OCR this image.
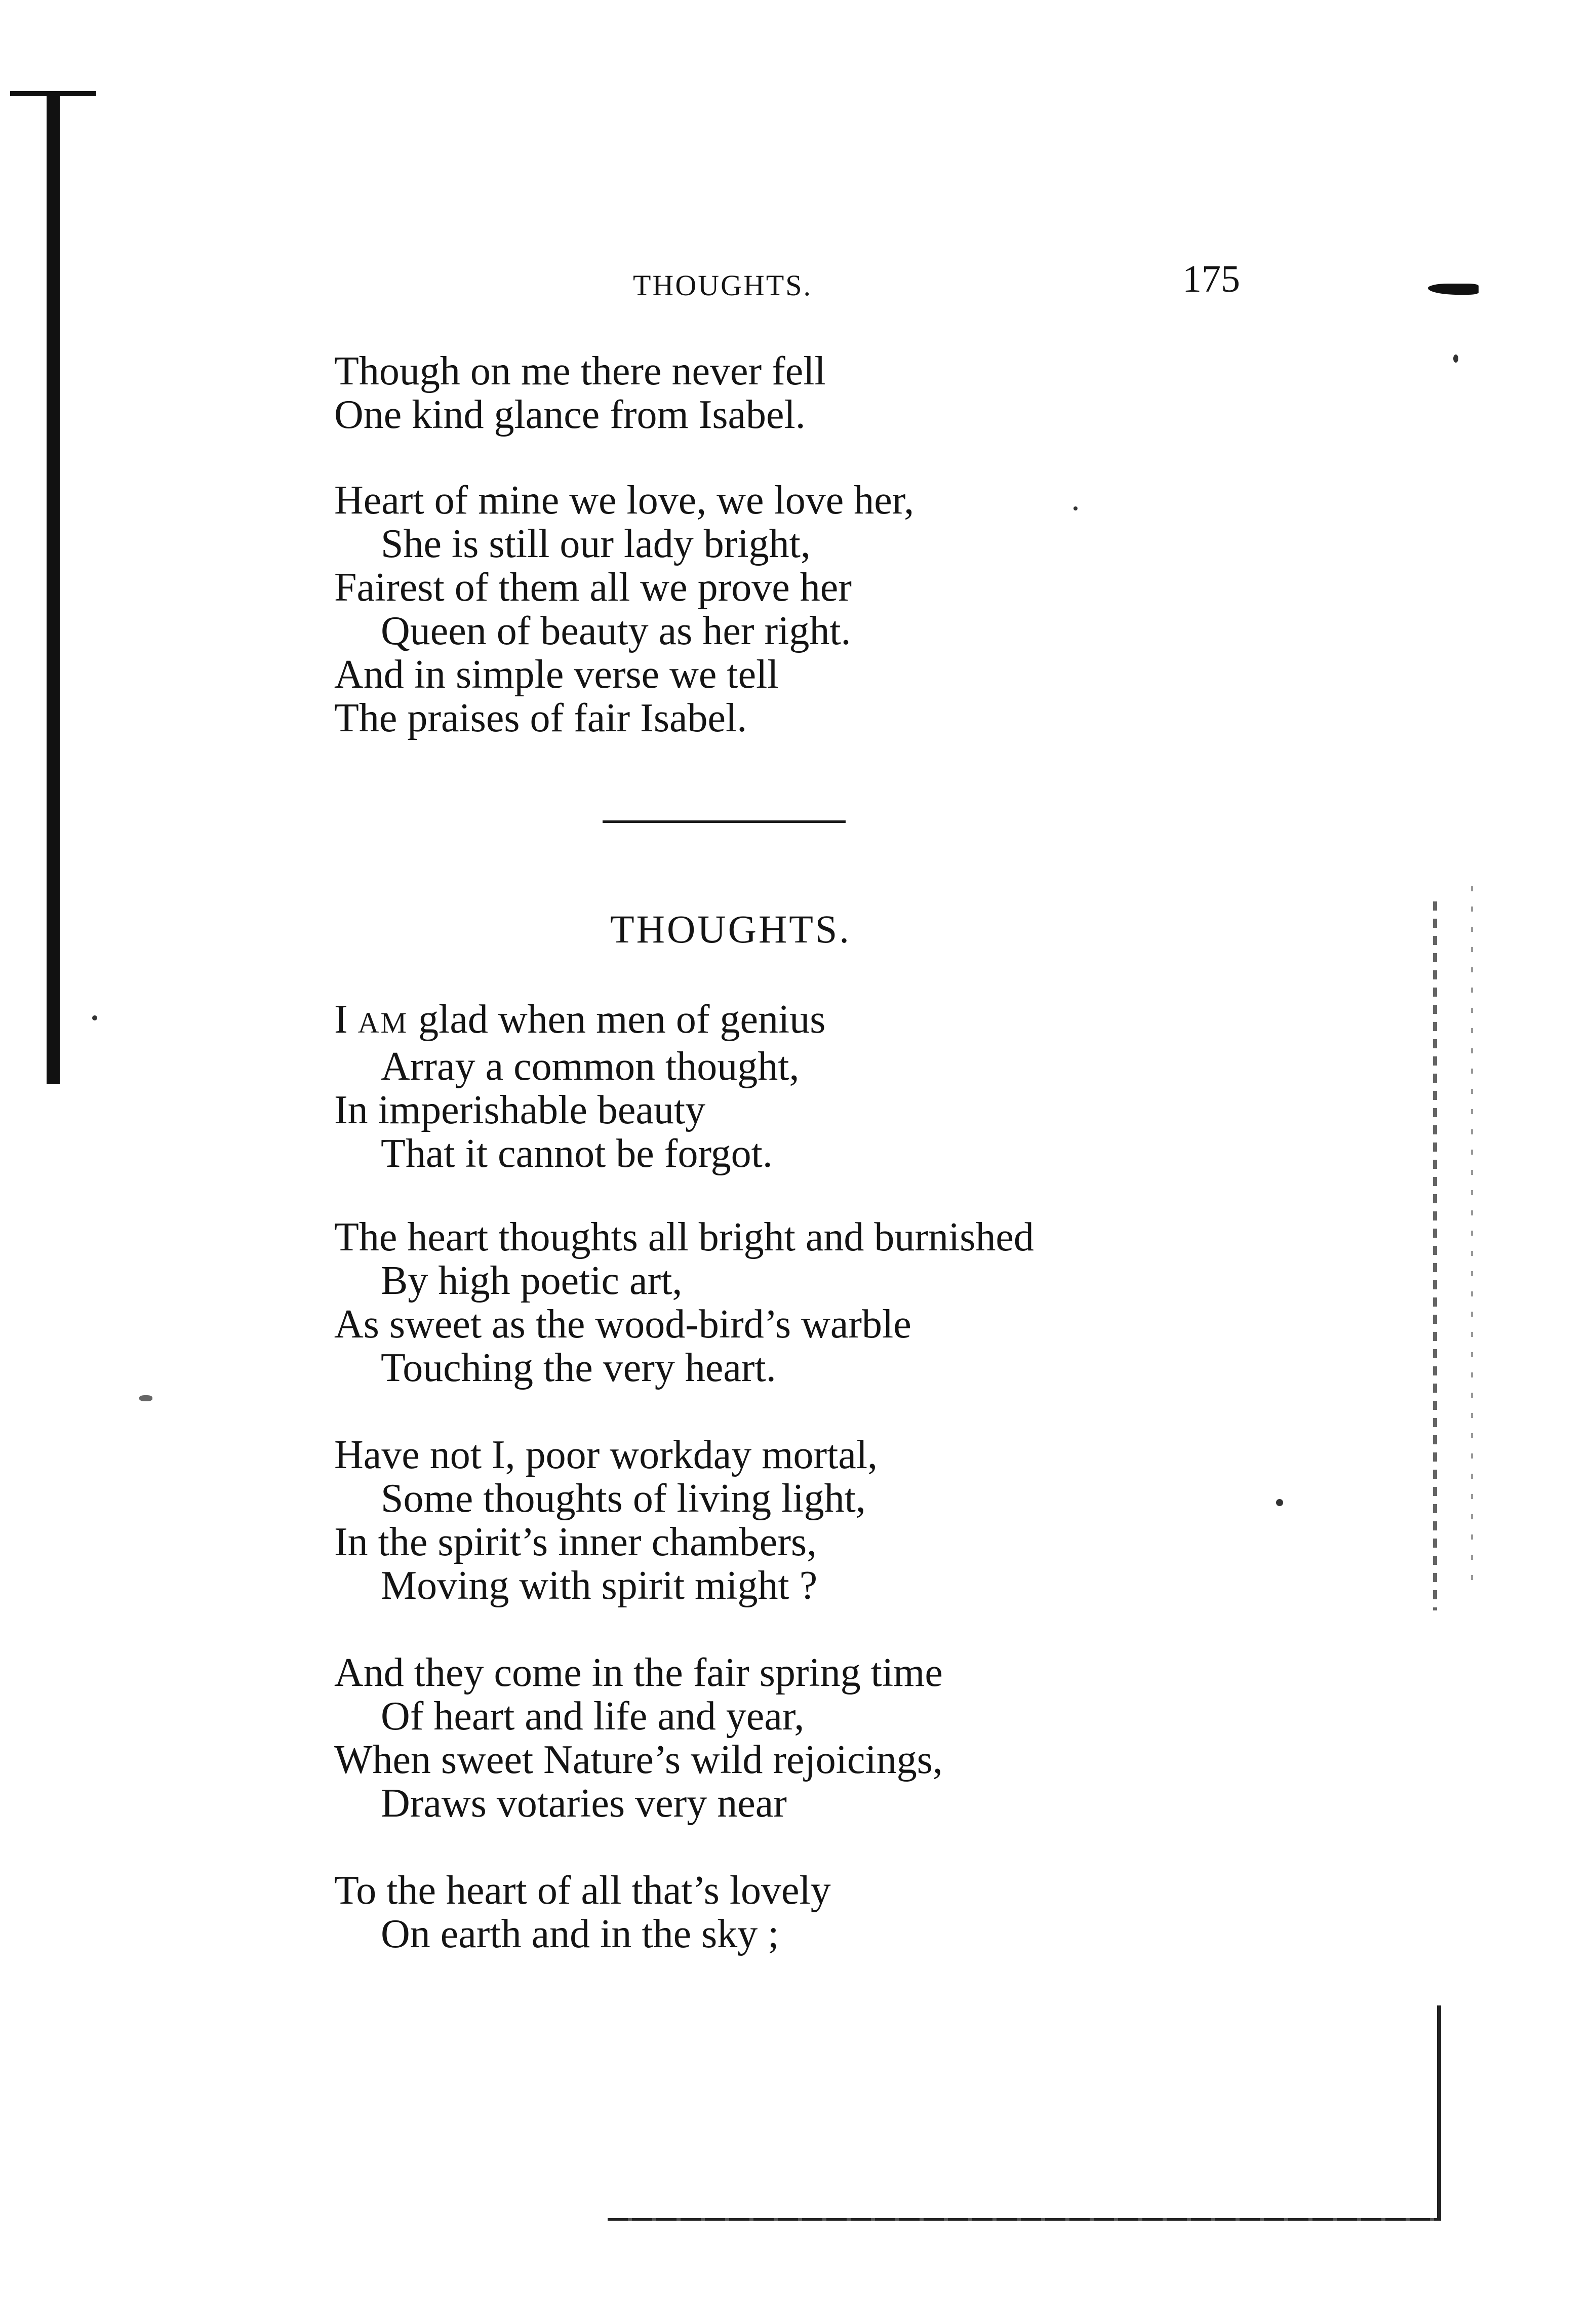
THOUGHTS.	175
Though on me there never fell
One kind glance from Isabel.
Heart of mine we love, we love her,
She is still our lady bright,
Fairest of them all we prove her
Queen of beauty as her right.
And in simple verse we tell
The praises of fair Isabel.
THOUGHTS.
I AM glad when men of genius
Array a common thought,
In imperishable beauty
That it cannot be forgot.
The heart thoughts all bright and burnished
By high poetic art,
As sweet as the wood-bird’s warble
Touching the very heart.
Have not I, poor workday mortal,
Some thoughts of living light,
In the spirit’s inner chambers,
Moving with spirit might ?
And they come in the fair spring time
Of heart and life and year,
When sweet Nature’s wild rejoicings,
Draws votaries very near
To the heart of all that’s lovely
On earth and in the sky ;
